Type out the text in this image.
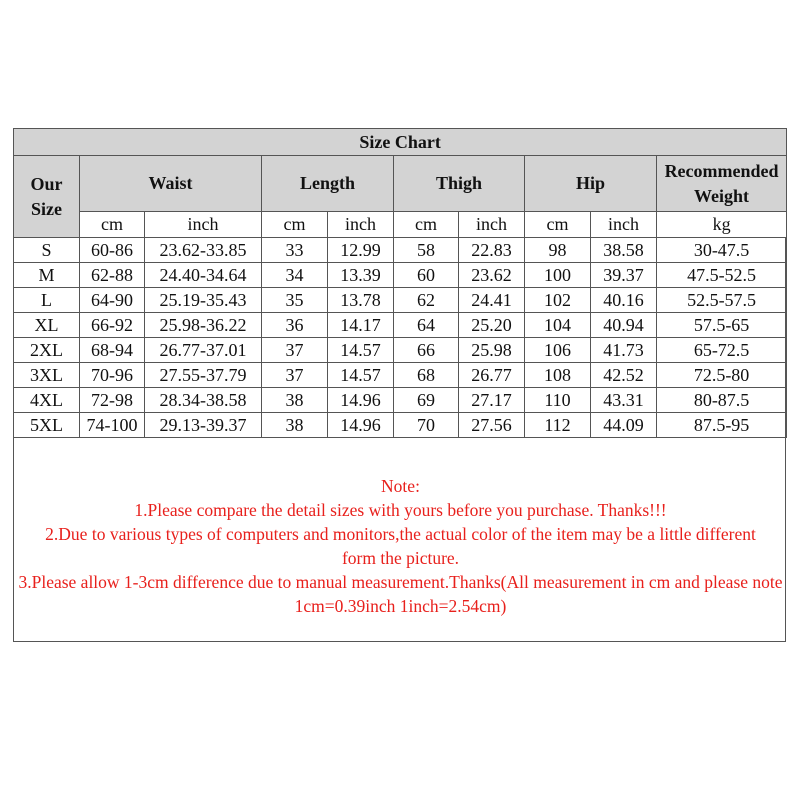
Size Chart									
Our Size	Waist		Length		Thigh		Hip		Recommended Weight
	cm	inch	cm	inch	cm	inch	cm	inch	kg
S	60-86	23.62-33.85	33	12.99	58	22.83	98	38.58	30-47.5
M	62-88	24.40-34.64	34	13.39	60	23.62	100	39.37	47.5-52.5
L	64-90	25.19-35.43	35	13.78	62	24.41	102	40.16	52.5-57.5
XL	66-92	25.98-36.22	36	14.17	64	25.20	104	40.94	57.5-65
2XL	68-94	26.77-37.01	37	14.57	66	25.98	106	41.73	65-72.5
3XL	70-96	27.55-37.79	37	14.57	68	26.77	108	42.52	72.5-80
4XL	72-98	28.34-38.58	38	14.96	69	27.17	110	43.31	80-87.5
5XL	74-100	29.13-39.37	38	14.96	70	27.56	112	44.09	87.5-95

Note:

1.Please compare the detail sizes with yours before you purchase. Thanks!!!

2.Due to various types of computers and monitors,the actual color of the item may be a little different form the picture.

3.Please allow 1-3cm difference due to manual measurement.Thanks(All measurement in cm and please note 1cm=0.39inch 1inch=2.54cm)
